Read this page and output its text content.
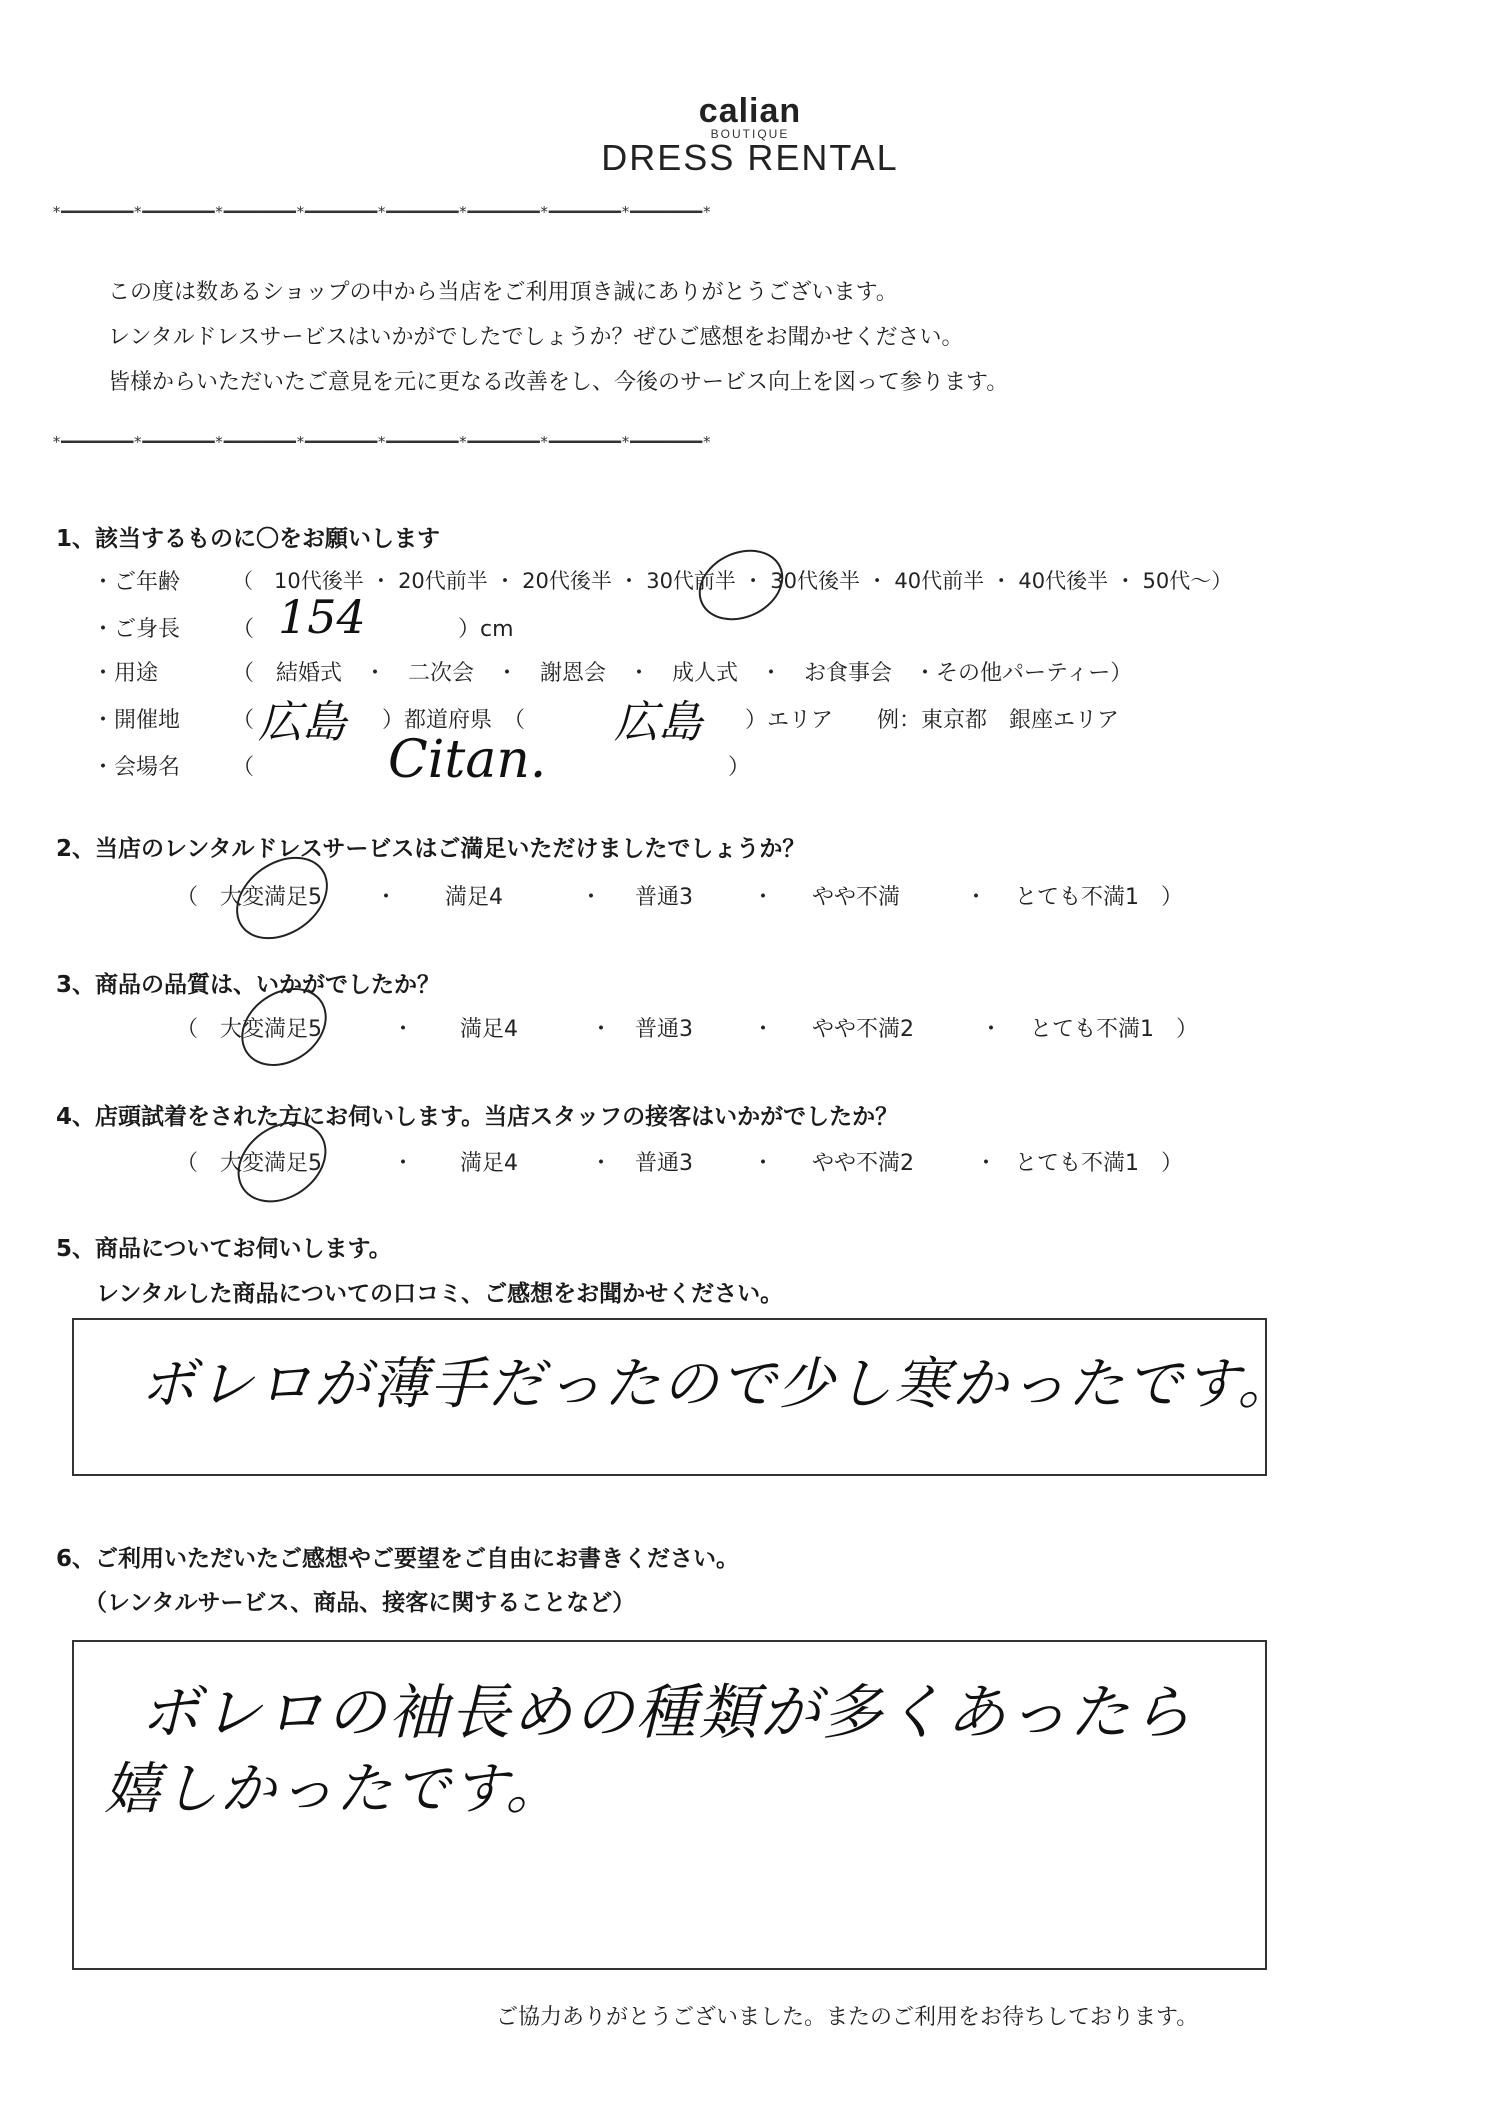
calian
BOUTIQUE
DRESS RENTAL
*━━━━━━━━*━━━━━━━━*━━━━━━━━*━━━━━━━━*━━━━━━━━*━━━━━━━━*━━━━━━━━*━━━━━━━━*
この度は数あるショップの中から当店をご利用頂き誠にありがとうございます。
レンタルドレスサービスはいかがでしたでしょうか？ぜひご感想をお聞かせください。
皆様からいただいたご意見を元に更なる改善をし、今後のサービス向上を図って参ります。
*━━━━━━━━*━━━━━━━━*━━━━━━━━*━━━━━━━━*━━━━━━━━*━━━━━━━━*━━━━━━━━*━━━━━━━━*
1、該当するものに〇をお願いします
・ご年齢 （　10代後半 ・ 20代前半 ・ 20代後半 ・ 30代前半 ・ 30代後半 ・ 40代前半 ・ 40代後半 ・ 50代～）
・ご身長 （ 154	）cm
・用途	（　結婚式　・　二次会　・　謝恩会　・　成人式　・　お食事会　・その他パーティー）
・開催地 （ 広島 ）都道府県　（ 広島 ）エリア　　例：東京都　銀座エリア
・会場名 （	Citan.	）
2、当店のレンタルドレスサービスはご満足いただけましたでしょうか？
（　大変満足5 ・ 満足4	・ 普通3	・ やや不満	・ とても不満1　）
3、商品の品質は、いかがでしたか？
（　大変満足5	・ 満足4	・ 普通3	・ やや不満2	・ とても不満1　）
4、店頭試着をされた方にお伺いします。当店スタッフの接客はいかがでしたか？
（　大変満足5	・ 満足4	・ 普通3	・ やや不満2	・ とても不満1　）
5、商品についてお伺いします。
レンタルした商品についての口コミ、ご感想をお聞かせください。
ボレロが薄手だったので少し寒かったです。
6、ご利用いただいたご感想やご要望をご自由にお書きください。
（レンタルサービス、商品、接客に関することなど）
ボレロの袖長めの種類が多くあったら
嬉しかったです。
ご協力ありがとうございました。またのご利用をお待ちしております。
